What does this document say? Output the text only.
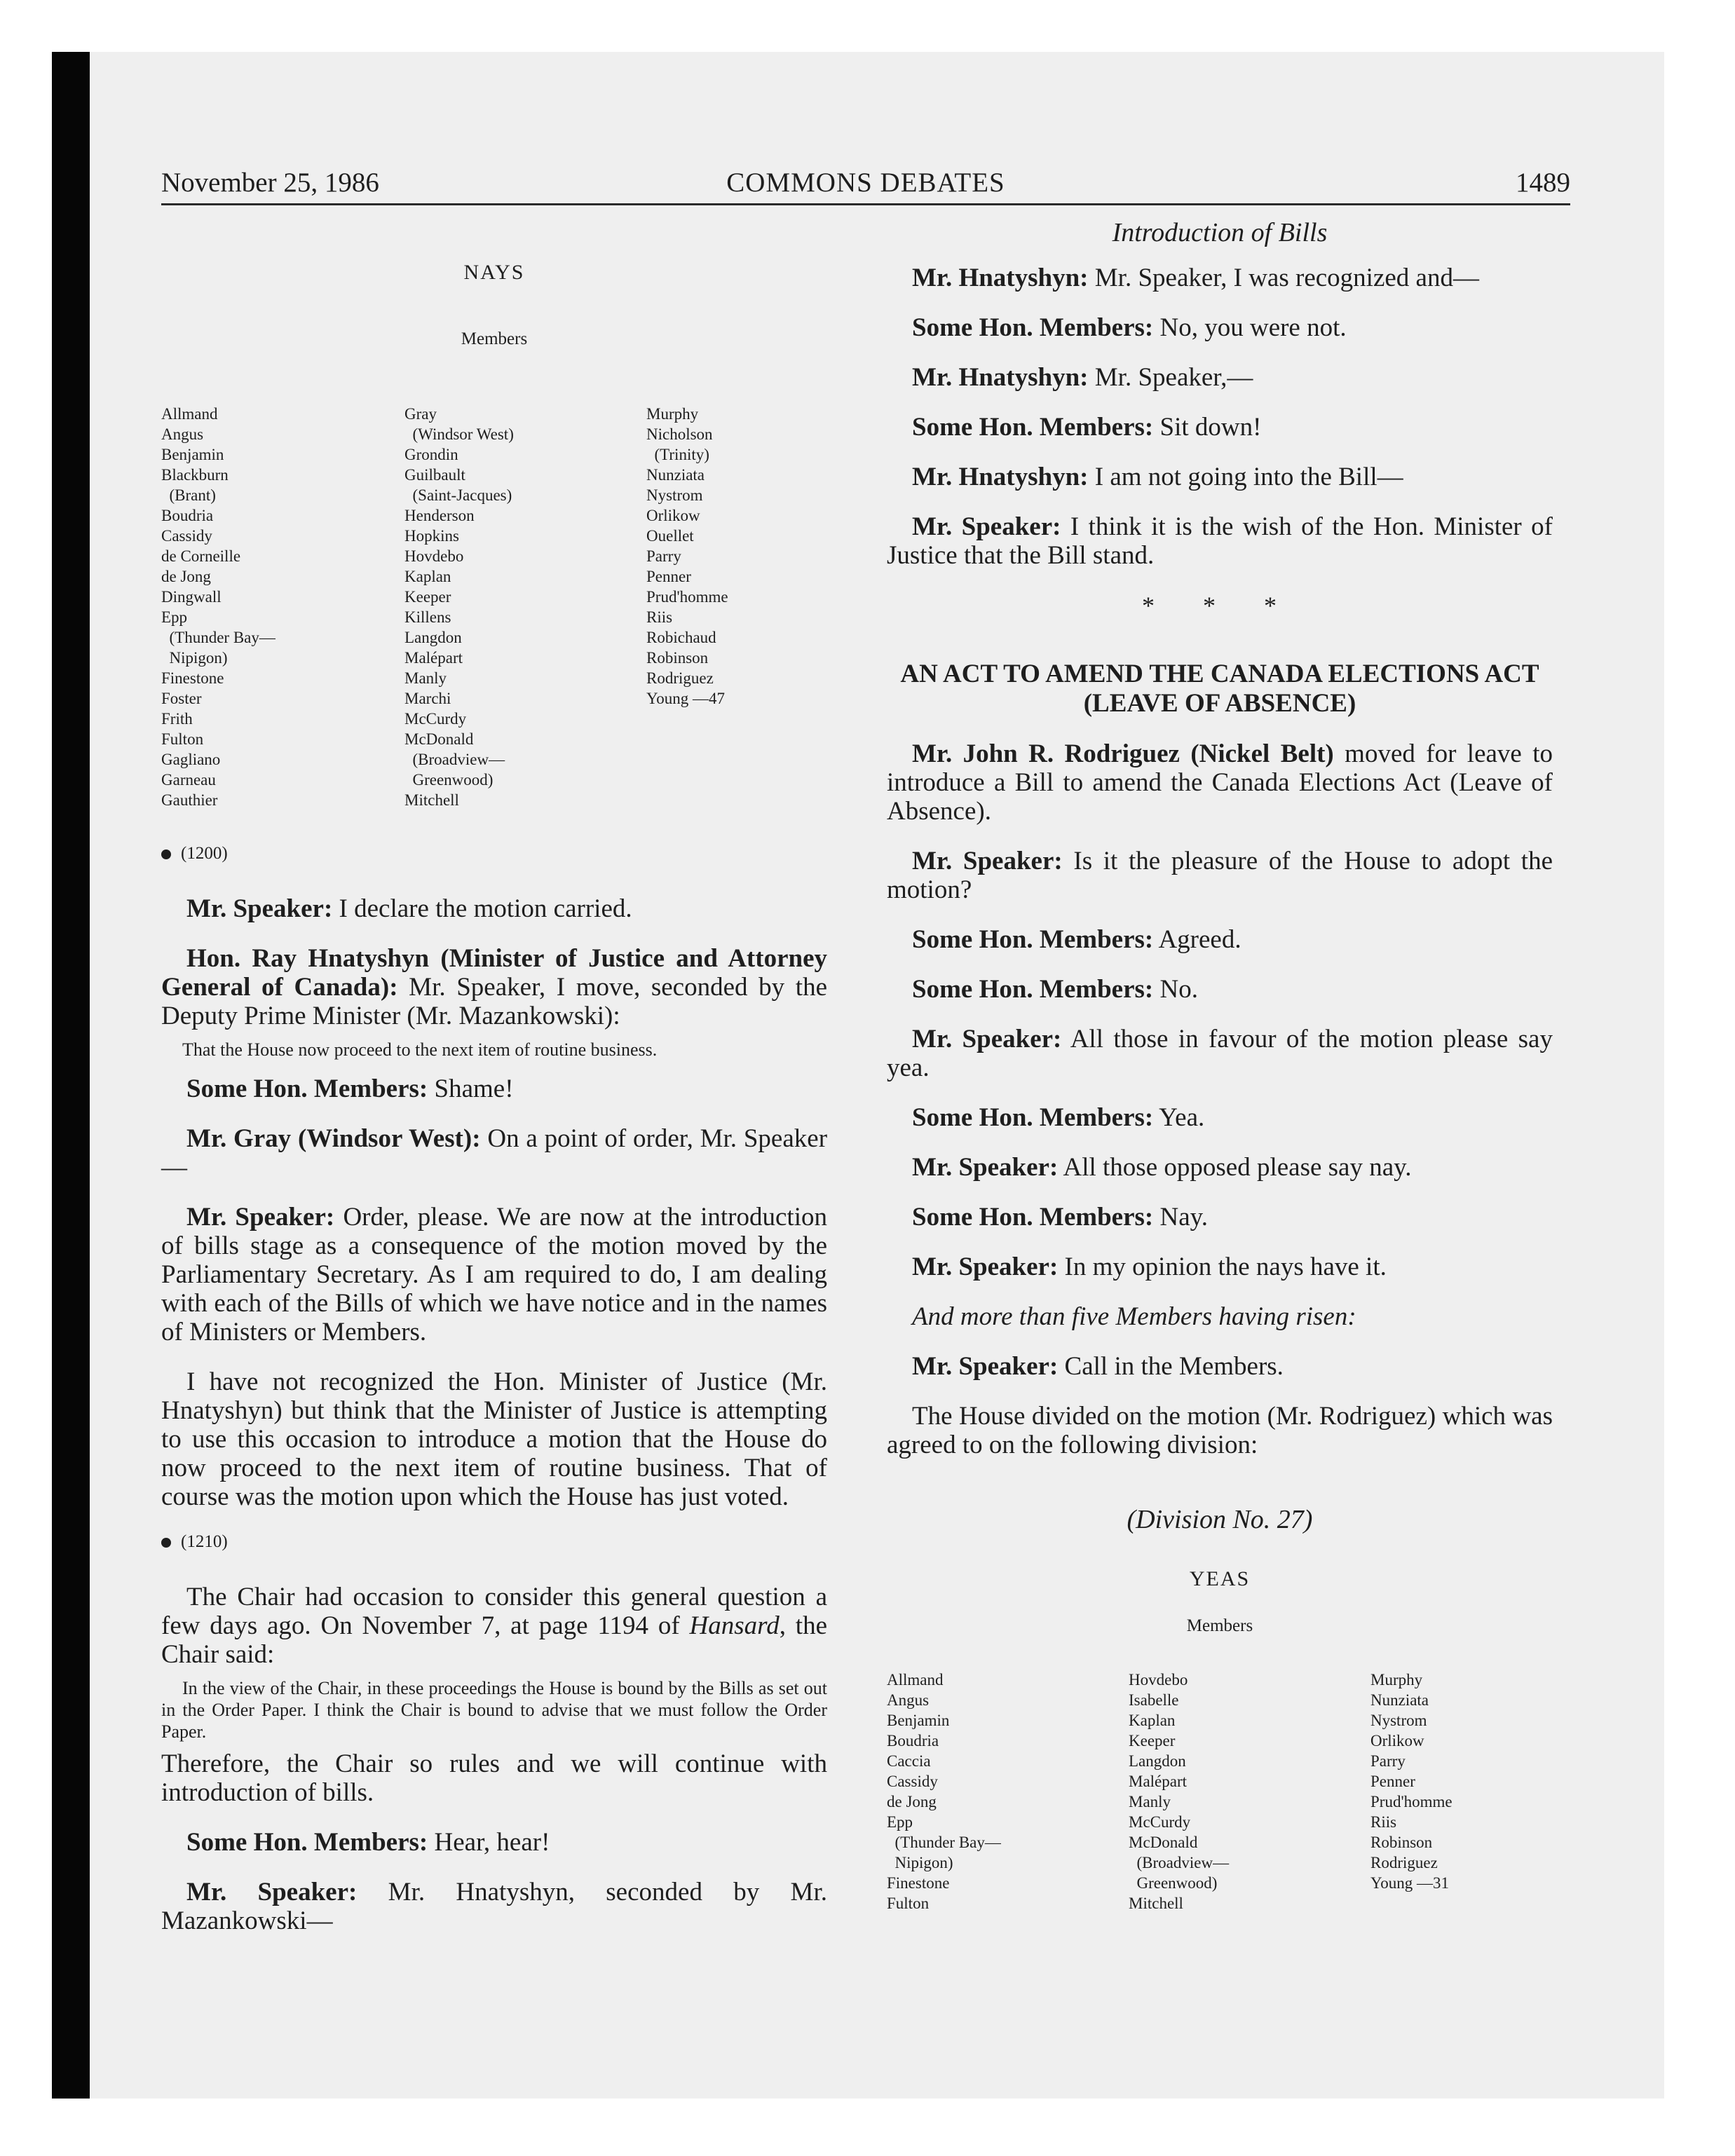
November 25, 1986	COMMONS DEBATES	1489
NAYS
Members
Allmand
Angus
Benjamin
Blackburn
(Brant)
Boudria
Cassidy
de Corneille
de Jong
Dingwall
Epp
(Thunder Bay—
Nipigon)
Finestone
Foster
Frith
Fulton
Gagliano
Garneau
Gauthier
Gray
(Windsor West)
Grondin
Guilbault
(Saint-Jacques)
Henderson
Hopkins
Hovdebo
Kaplan
Keeper
Killens
Langdon
Malépart
Manly
Marchi
McCurdy
McDonald
(Broadview—
Greenwood)
Mitchell
Murphy
Nicholson
(Trinity)
Nunziata
Nystrom
Orlikow
Ouellet
Parry
Penner
Prud'homme
Riis
Robichaud
Robinson
Rodriguez
Young —47
(1200)

Mr. Speaker: I declare the motion carried.

Hon. Ray Hnatyshyn (Minister of Justice and Attorney General of Canada): Mr. Speaker, I move, seconded by the Deputy Prime Minister (Mr. Mazankowski):

That the House now proceed to the next item of routine business.

Some Hon. Members: Shame!

Mr. Gray (Windsor West): On a point of order, Mr. Speaker—

Mr. Speaker: Order, please. We are now at the introduction of bills stage as a consequence of the motion moved by the Parliamentary Secretary. As I am required to do, I am dealing with each of the Bills of which we have notice and in the names of Ministers or Members.

I have not recognized the Hon. Minister of Justice (Mr. Hnatyshyn) but think that the Minister of Justice is attempting to use this occasion to introduce a motion that the House do now proceed to the next item of routine business. That of course was the motion upon which the House has just voted.

(1210)

The Chair had occasion to consider this general question a few days ago. On November 7, at page 1194 of Hansard, the Chair said:

In the view of the Chair, in these proceedings the House is bound by the Bills as set out in the Order Paper. I think the Chair is bound to advise that we must follow the Order Paper.

Therefore, the Chair so rules and we will continue with introduction of bills.

Some Hon. Members: Hear, hear!

Mr. Speaker: Mr. Hnatyshyn, seconded by Mr. Mazankowski—

Introduction of Bills

Mr. Hnatyshyn: Mr. Speaker, I was recognized and—

Some Hon. Members: No, you were not.

Mr. Hnatyshyn: Mr. Speaker,—

Some Hon. Members: Sit down!

Mr. Hnatyshyn: I am not going into the Bill—

Mr. Speaker: I think it is the wish of the Hon. Minister of Justice that the Bill stand.

* * *
AN ACT TO AMEND THE CANADA ELECTIONS ACT (LEAVE OF ABSENCE)

Mr. John R. Rodriguez (Nickel Belt) moved for leave to introduce a Bill to amend the Canada Elections Act (Leave of Absence).

Mr. Speaker: Is it the pleasure of the House to adopt the motion?

Some Hon. Members: Agreed.

Some Hon. Members: No.

Mr. Speaker: All those in favour of the motion please say yea.

Some Hon. Members: Yea.

Mr. Speaker: All those opposed please say nay.

Some Hon. Members: Nay.

Mr. Speaker: In my opinion the nays have it.

And more than five Members having risen:

Mr. Speaker: Call in the Members.

The House divided on the motion (Mr. Rodriguez) which was agreed to on the following division:

(Division No. 27)
YEAS
Members
Allmand
Angus
Benjamin
Boudria
Caccia
Cassidy
de Jong
Epp
(Thunder Bay—
Nipigon)
Finestone
Fulton
Hovdebo
Isabelle
Kaplan
Keeper
Langdon
Malépart
Manly
McCurdy
McDonald
(Broadview—
Greenwood)
Mitchell
Murphy
Nunziata
Nystrom
Orlikow
Parry
Penner
Prud'homme
Riis
Robinson
Rodriguez
Young —31
